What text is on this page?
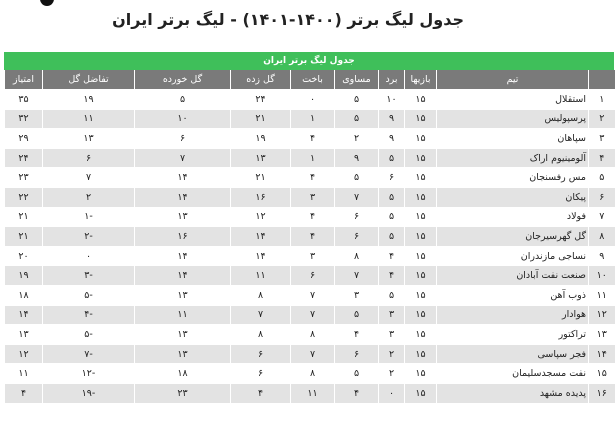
جدول لیگ برتر (۱۴۰۰-۱۴۰۱) - لیگ برتر ایران
جدول لیگ برتر ایران
	تیم	بازیها	برد	مساوی	باخت	گل زده	گل خورده	تفاضل گل	امتیاز
۱	استقلال	۱۵	۱۰	۵	۰	۲۴	۵	۱۹	۳۵
۲	پرسپولیس	۱۵	۹	۵	۱	۲۱	۱۰	۱۱	۳۲
۳	سپاهان	۱۵	۹	۲	۴	۱۹	۶	۱۳	۲۹
۴	آلومینیوم اراک	۱۵	۵	۹	۱	۱۳	۷	۶	۲۴
۵	مس رفسنجان	۱۵	۶	۵	۴	۲۱	۱۴	۷	۲۳
۶	پیکان	۱۵	۵	۷	۳	۱۶	۱۴	۲	۲۲
۷	فولاد	۱۵	۵	۶	۴	۱۲	۱۳	-۱	۲۱
۸	گل گهرسیرجان	۱۵	۵	۶	۴	۱۴	۱۶	-۲	۲۱
۹	نساجی مازندران	۱۵	۴	۸	۳	۱۴	۱۴	۰	۲۰
۱۰	صنعت نفت آبادان	۱۵	۴	۷	۶	۱۱	۱۴	-۳	۱۹
۱۱	ذوب آهن	۱۵	۵	۳	۷	۸	۱۳	-۵	۱۸
۱۲	هوادار	۱۵	۳	۵	۷	۷	۱۱	-۴	۱۴
۱۳	تراکتور	۱۵	۳	۴	۸	۸	۱۳	-۵	۱۳
۱۴	فجر سپاسی	۱۵	۲	۶	۷	۶	۱۳	-۷	۱۲
۱۵	نفت مسجدسلیمان	۱۵	۲	۵	۸	۶	۱۸	-۱۲	۱۱
۱۶	پدیده مشهد	۱۵	۰	۴	۱۱	۴	۲۳	-۱۹	۴
